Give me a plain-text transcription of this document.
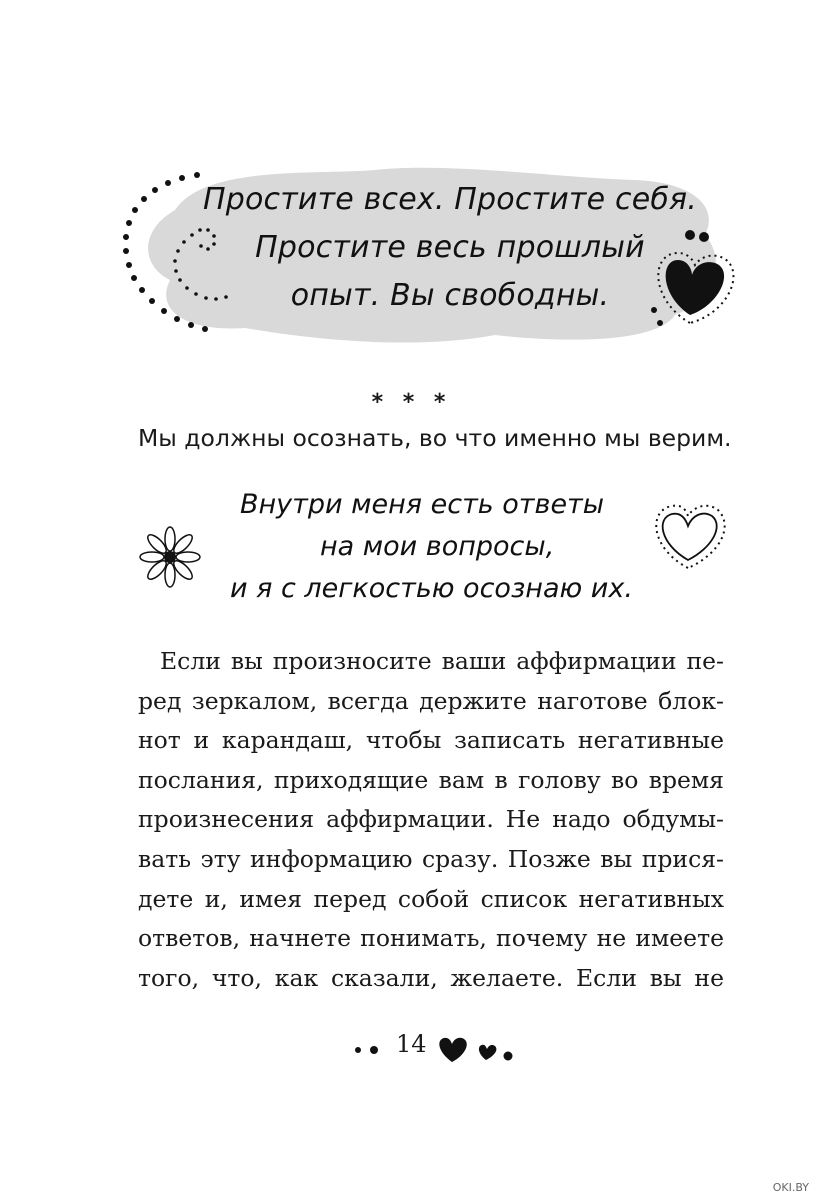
Простите всех. Простите себя.
Простите весь прошлый
опыт. Вы свободны.
* * *
Мы должны осознать, во что именно мы верим.
Внутри меня есть ответы
на мои вопросы,
и я с легкостью осознаю их.
Если вы произносите ваши аффирмации пе-
ред зеркалом, всегда держите наготове блок-
нот и карандаш, чтобы записать негативные
послания, приходящие вам в голову во время
произнесения аффирмации. Не надо обдумы-
вать эту информацию сразу. Позже вы прися-
дете и, имея перед собой список негативных
ответов, начнете понимать, почему не имеете
того, что, как сказали, желаете. Если вы не
14
OKI.BY
